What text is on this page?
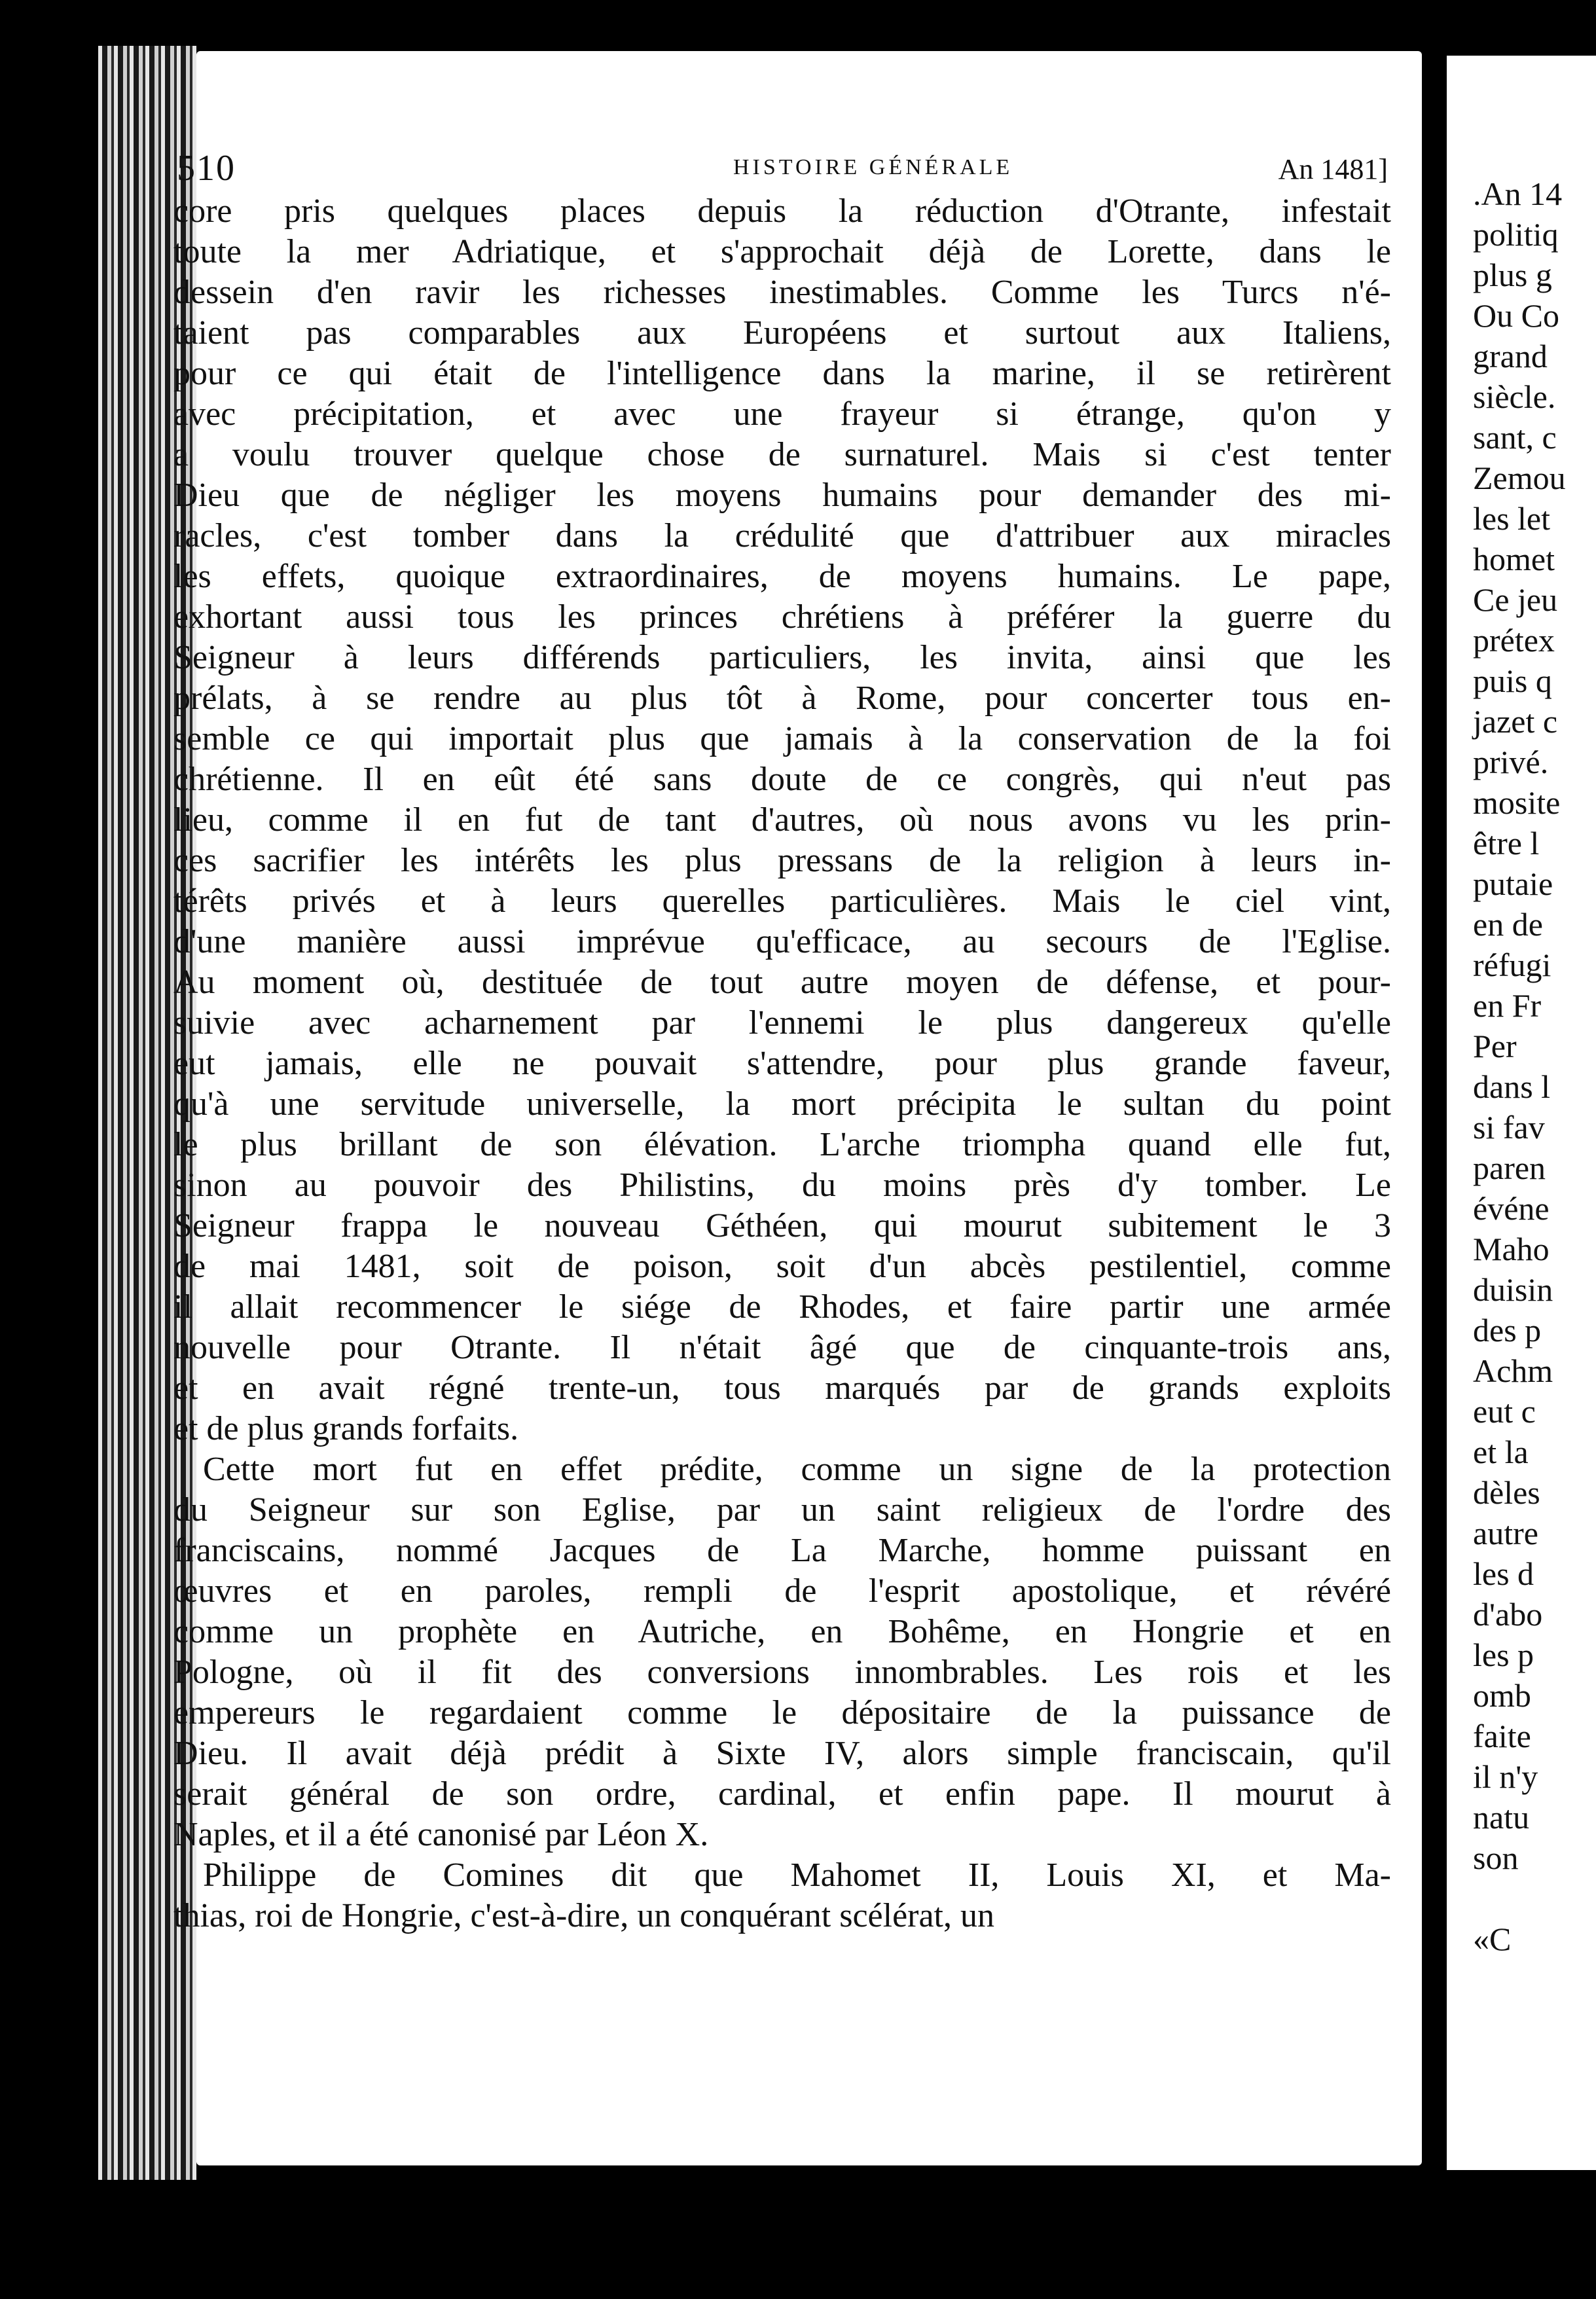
.An 14
politiq
plus g
Ou Co
grand
siècle.
sant, c
Zemou
les let
homet
Ce jeu
prétex
puis q
jazet c
privé.
mosite
être l
putaie
en de
réfugi
en Fr
Per
dans l
si fav
paren
événe
Maho
duisin
des p
Achm
eut c
et la
dèles
autre
les d
d'abo
les p
omb
faite
il n'y
natu
son
«C
510	HISTOIRE GÉNÉRALE	An 1481]
core pris quelques places depuis la réduction d'Otrante, infestait
toute la mer Adriatique, et s'approchait déjà de Lorette, dans le
dessein d'en ravir les richesses inestimables. Comme les Turcs n'é-
taient pas comparables aux Européens et surtout aux Italiens,
pour ce qui était de l'intelligence dans la marine, il se retirèrent
avec précipitation, et avec une frayeur si étrange, qu'on y
a voulu trouver quelque chose de surnaturel. Mais si c'est tenter
Dieu que de négliger les moyens humains pour demander des mi-
racles, c'est tomber dans la crédulité que d'attribuer aux miracles
les effets, quoique extraordinaires, de moyens humains. Le pape,
exhortant aussi tous les princes chrétiens à préférer la guerre du
Seigneur à leurs différends particuliers, les invita, ainsi que les
prélats, à se rendre au plus tôt à Rome, pour concerter tous en-
semble ce qui importait plus que jamais à la conservation de la foi
chrétienne. Il en eût été sans doute de ce congrès, qui n'eut pas
lieu, comme il en fut de tant d'autres, où nous avons vu les prin-
ces sacrifier les intérêts les plus pressans de la religion à leurs in-
térêts privés et à leurs querelles particulières. Mais le ciel vint,
d'une manière aussi imprévue qu'efficace, au secours de l'Eglise.
Au moment où, destituée de tout autre moyen de défense, et pour-
suivie avec acharnement par l'ennemi le plus dangereux qu'elle
eut jamais, elle ne pouvait s'attendre, pour plus grande faveur,
qu'à une servitude universelle, la mort précipita le sultan du point
le plus brillant de son élévation. L'arche triompha quand elle fut,
sinon au pouvoir des Philistins, du moins près d'y tomber. Le
Seigneur frappa le nouveau Géthéen, qui mourut subitement le 3
de mai 1481, soit de poison, soit d'un abcès pestilentiel, comme
il allait recommencer le siége de Rhodes, et faire partir une armée
nouvelle pour Otrante. Il n'était âgé que de cinquante-trois ans,
et en avait régné trente-un, tous marqués par de grands exploits
et de plus grands forfaits.
Cette mort fut en effet prédite, comme un signe de la protection
du Seigneur sur son Eglise, par un saint religieux de l'ordre des
franciscains, nommé Jacques de La Marche, homme puissant en
œuvres et en paroles, rempli de l'esprit apostolique, et révéré
comme un prophète en Autriche, en Bohême, en Hongrie et en
Pologne, où il fit des conversions innombrables. Les rois et les
empereurs le regardaient comme le dépositaire de la puissance de
Dieu. Il avait déjà prédit à Sixte IV, alors simple franciscain, qu'il
serait général de son ordre, cardinal, et enfin pape. Il mourut à
Naples, et il a été canonisé par Léon X.
Philippe de Comines dit que Mahomet II, Louis XI, et Ma-
thias, roi de Hongrie, c'est-à-dire, un conquérant scélérat, un
